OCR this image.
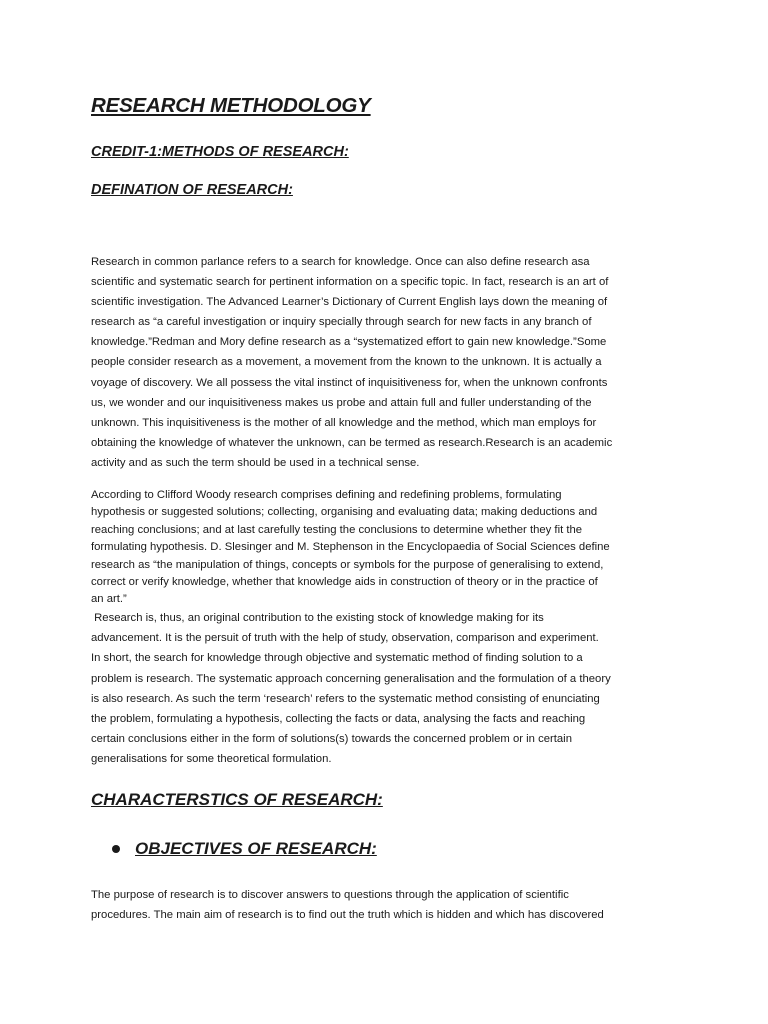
RESEARCH METHODOLOGY
CREDIT-1:METHODS OF RESEARCH:
DEFINATION OF RESEARCH:

Research in common parlance refers to a search for knowledge. Once can also define research asa
scientific and systematic search for pertinent information on a specific topic. In fact, research is an art of
scientific investigation. The Advanced Learner’s Dictionary of Current English lays down the meaning of
research as “a careful investigation or inquiry specially through search for new facts in any branch of
knowledge.”Redman and Mory define research as a “systematized effort to gain new knowledge.”Some
people consider research as a movement, a movement from the known to the unknown. It is actually a
voyage of discovery. We all possess the vital instinct of inquisitiveness for, when the unknown confronts
us, we wonder and our inquisitiveness makes us probe and attain full and fuller understanding of the
unknown. This inquisitiveness is the mother of all knowledge and the method, which man employs for
obtaining the knowledge of whatever the unknown, can be termed as research.Research is an academic
activity and as such the term should be used in a technical sense.

According to Clifford Woody research comprises defining and redefining problems, formulating
hypothesis or suggested solutions; collecting, organising and evaluating data; making deductions and
reaching conclusions; and at last carefully testing the conclusions to determine whether they fit the
formulating hypothesis. D. Slesinger and M. Stephenson in the Encyclopaedia of Social Sciences define
research as “the manipulation of things, concepts or symbols for the purpose of generalising to extend,
correct or verify knowledge, whether that knowledge aids in construction of theory or in the practice of
an art.”

Research is, thus, an original contribution to the existing stock of knowledge making for its
advancement. It is the persuit of truth with the help of study, observation, comparison and experiment.
In short, the search for knowledge through objective and systematic method of finding solution to a
problem is research. The systematic approach concerning generalisation and the formulation of a theory
is also research. As such the term ‘research’ refers to the systematic method consisting of enunciating
the problem, formulating a hypothesis, collecting the facts or data, analysing the facts and reaching
certain conclusions either in the form of solutions(s) towards the concerned problem or in certain
generalisations for some theoretical formulation.

CHARACTERSTICS OF RESEARCH:
OBJECTIVES OF RESEARCH:

The purpose of research is to discover answers to questions through the application of scientific
procedures. The main aim of research is to find out the truth which is hidden and which has discovered
